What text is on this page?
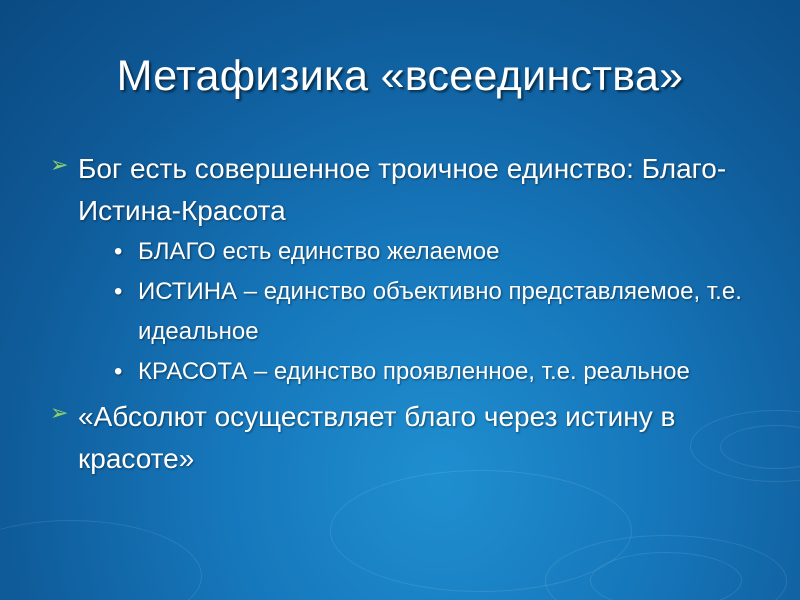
Метафизика «всеединства»
➢ Бог есть совершенное троичное единство: Благо-Истина-Красота
• БЛАГО есть единство желаемое
• ИСТИНА – единство объективно представляемое, т.е. идеальное
• КРАСОТА – единство проявленное, т.е. реальное
➢ «Абсолют осуществляет благо через истину в красоте»
